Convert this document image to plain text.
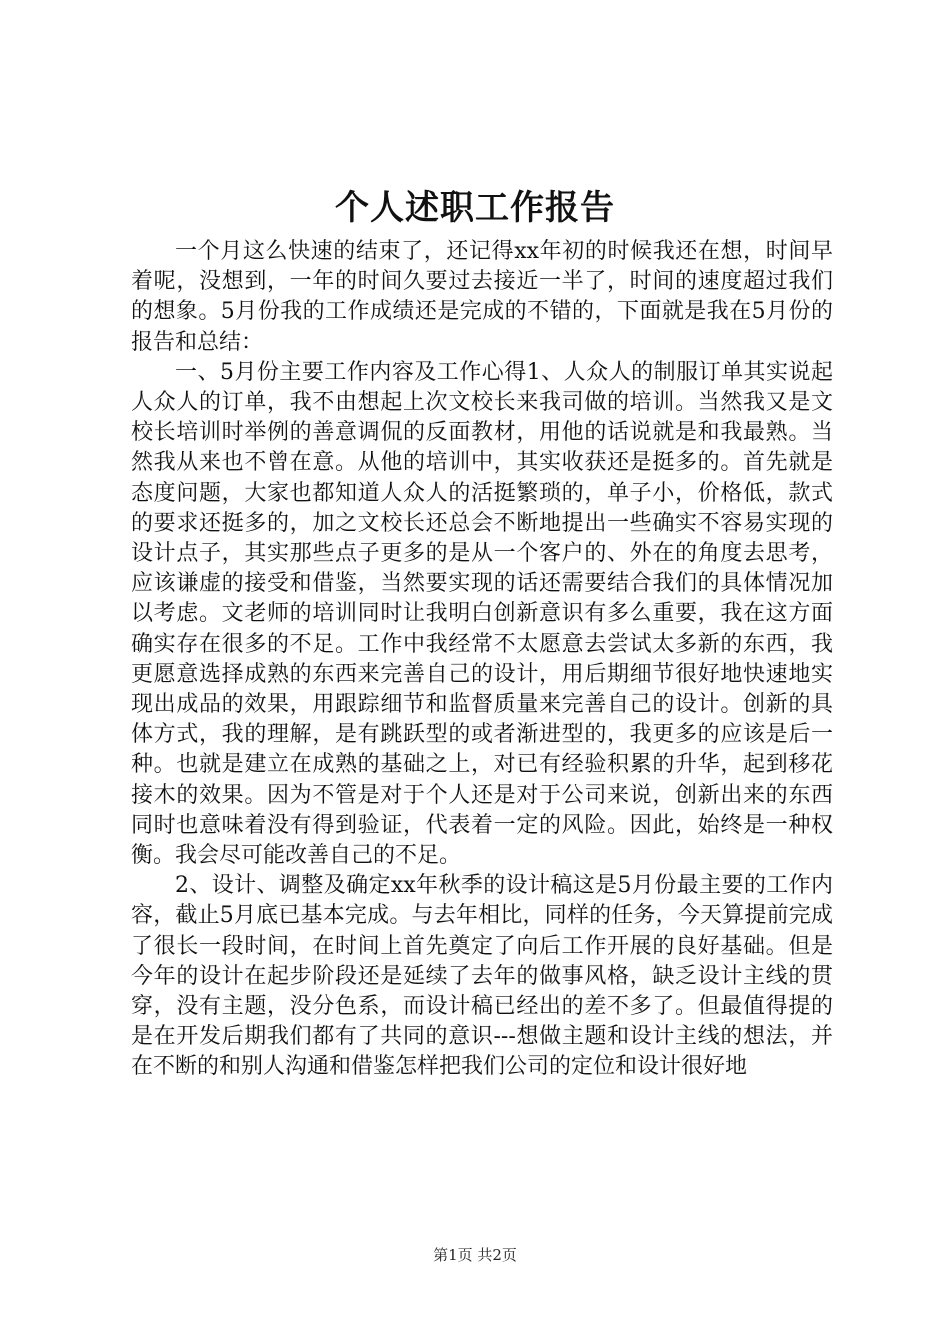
个人述职工作报告

一个月这么快速的结束了，还记得xx年初的时候我还在想，时间早着呢，没想到，一年的时间久要过去接近一半了，时间的速度超过我们的想象。5月份我的工作成绩还是完成的不错的，下面就是我在5月份的报告和总结：

一、5月份主要工作内容及工作心得1、人众人的制服订单其实说起人众人的订单，我不由想起上次文校长来我司做的培训。当然我又是文校长培训时举例的善意调侃的反面教材，用他的话说就是和我最熟。当然我从来也不曾在意。从他的培训中，其实收获还是挺多的。首先就是态度问题，大家也都知道人众人的活挺繁琐的，单子小，价格低，款式的要求还挺多的，加之文校长还总会不断地提出一些确实不容易实现的设计点子，其实那些点子更多的是从一个客户的、外在的角度去思考，应该谦虚的接受和借鉴，当然要实现的话还需要结合我们的具体情况加以考虑。文老师的培训同时让我明白创新意识有多么重要，我在这方面确实存在很多的不足。工作中我经常不太愿意去尝试太多新的东西，我更愿意选择成熟的东西来完善自己的设计，用后期细节很好地快速地实现出成品的效果，用跟踪细节和监督质量来完善自己的设计。创新的具体方式，我的理解，是有跳跃型的或者渐进型的，我更多的应该是后一种。也就是建立在成熟的基础之上，对已有经验积累的升华，起到移花接木的效果。因为不管是对于个人还是对于公司来说，创新出来的东西同时也意味着没有得到验证，代表着一定的风险。因此，始终是一种权衡。我会尽可能改善自己的不足。

2、设计、调整及确定xx年秋季的设计稿这是5月份最主要的工作内容，截止5月底已基本完成。与去年相比，同样的任务，今天算提前完成了很长一段时间，在时间上首先奠定了向后工作开展的良好基础。但是今年的设计在起步阶段还是延续了去年的做事风格，缺乏设计主线的贯穿，没有主题，没分色系，而设计稿已经出的差不多了。但最值得提的是在开发后期我们都有了共同的意识---想做主题和设计主线的想法，并在不断的和别人沟通和借鉴怎样把我们公司的定位和设计很好地

第1页 共2页
